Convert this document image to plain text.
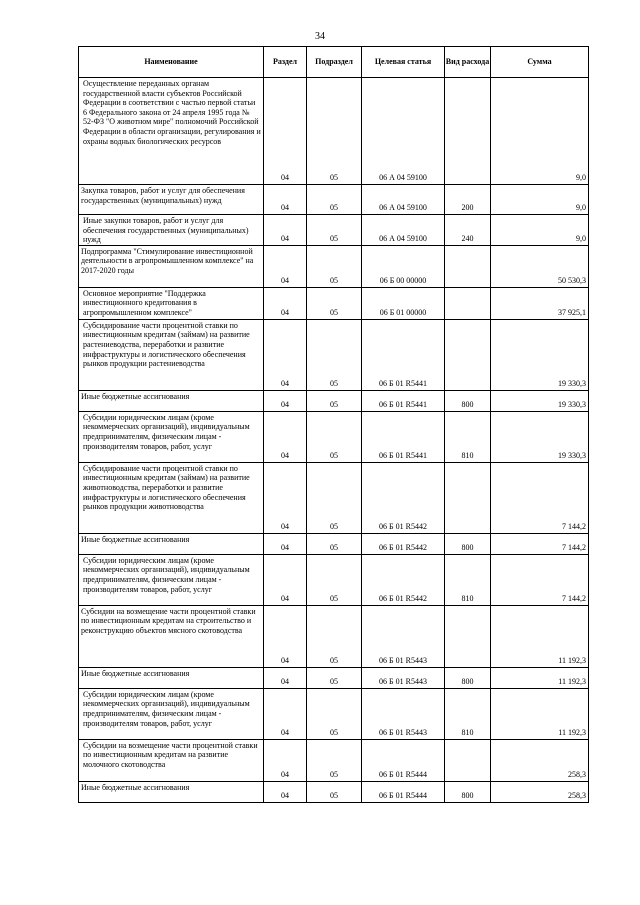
34
Наименование	Раздел	Подраздел	Целевая статья	Вид расхода	Сумма
Осуществление переданных органам государственной власти субъектов Российской Федерации в соответствии с частью первой статьи 6 Федерального закона от 24 апреля 1995 года № 52-ФЗ "О животном мире" полномочий Российской Федерации в области организации, регулирования и охраны водных биологических ресурсов	04	05	06 А 04 59100		9,0
Закупка товаров, работ и услуг для обеспечения государственных (муниципальных) нужд	04	05	06 А 04 59100	200	9,0
Иные закупки товаров, работ и услуг для обеспечения государственных (муниципальных) нужд	04	05	06 А 04 59100	240	9,0
Подпрограмма "Стимулирование инвестиционной деятельности в агропромышленном комплексе" на 2017-2020 годы	04	05	06 Б 00 00000		50 530,3
Основное мероприятие "Поддержка инвестиционного кредитования в агропромышленном комплексе"	04	05	06 Б 01 00000		37 925,1
Субсидирование части процентной ставки по инвестиционным кредитам (займам) на развитие растениеводства, переработки и развитие инфраструктуры и логистического обеспечения рынков продукции растениеводства	04	05	06 Б 01 R5441		19 330,3
Иные бюджетные ассигнования	04	05	06 Б 01 R5441	800	19 330,3
Субсидии юридическим лицам (кроме некоммерческих организаций), индивидуальным предпринимателям, физическим лицам - производителям товаров, работ, услуг	04	05	06 Б 01 R5441	810	19 330,3
Субсидирование части процентной ставки по инвестиционным кредитам (займам) на развитие животноводства, переработки и развитие инфраструктуры и логистического обеспечения рынков продукции животноводства	04	05	06 Б 01 R5442		7 144,2
Иные бюджетные ассигнования	04	05	06 Б 01 R5442	800	7 144,2
Субсидии юридическим лицам (кроме некоммерческих организаций), индивидуальным предпринимателям, физическим лицам - производителям товаров, работ, услуг	04	05	06 Б 01 R5442	810	7 144,2
Субсидии на возмещение части процентной ставки по инвестиционным кредитам на строительство и реконструкцию объектов мясного скотоводства	04	05	06 Б 01 R5443		11 192,3
Иные бюджетные ассигнования	04	05	06 Б 01 R5443	800	11 192,3
Субсидии юридическим лицам (кроме некоммерческих организаций), индивидуальным предпринимателям, физическим лицам - производителям товаров, работ, услуг	04	05	06 Б 01 R5443	810	11 192,3
Субсидии на возмещение части процентной ставки по инвестиционным кредитам на развитие молочного скотоводства	04	05	06 Б 01 R5444		258,3
Иные бюджетные ассигнования	04	05	06 Б 01 R5444	800	258,3
